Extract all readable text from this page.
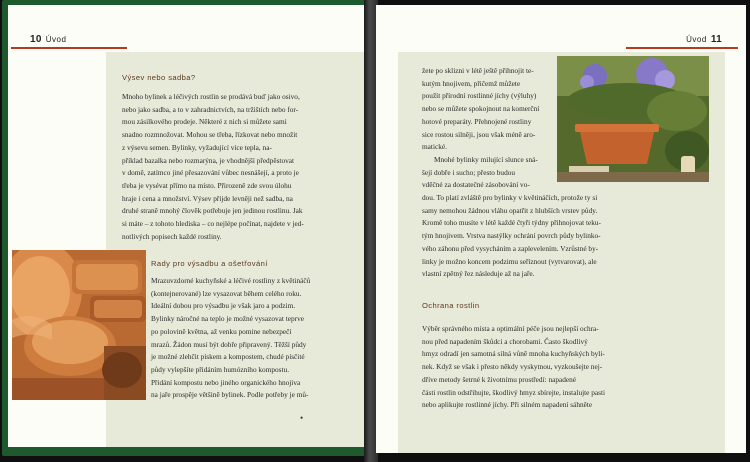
10 Úvod
Výsev nebo sadba?
Mnoho bylinek a léčivých rostlin se prodává buď jako osivo,
nebo jako sadba, a to v zahradnictvích, na tržištích nebo for-
mou zásilkového prodeje. Některé z nich si můžete sami
snadno rozmnožovat. Mohou se třeba, řízkovat nebo množit
z výsevu semen. Bylinky, vyžadující více tepla, na-
příklad bazalka nebo rozmarýna, je vhodnější předpěstovat
v domě, zatímco jiné přesazování vůbec nesnášejí, a proto je
třeba je vysévat přímo na místo. Přirozeně zde svou úlohu
hraje i cena a množství. Výsev přijde levněji než sadba, na
druhé straně mnohý člověk potřebuje jen jedinou rostlinu. Jak
si máte – z tohoto hlediska – co nejlépe počínat, najdete v jed-
notlivých popisech každé rostliny.
Rady pro výsadbu a ošetřování
Mrazuvzdorné kuchyňské a léčivé rostliny z květináčů
(kontejnerované) lze vysazovat během celého roku.
Ideální dobou pro výsadbu je však jaro a podzim.
Bylinky náročné na teplo je možné vysazovat teprve
po polovině května, až venku pomine nebezpečí
mrazů. Žádon musí být dobře připravený. Těžší půdy
je možné zlehčit pískem a kompostem, chudé písčité
půdy vylepšíte přidáním humózního kompostu.
Přidání kompostu nebo jiného organického hnojiva
na jaře prospěje většině bylinek. Podle potřeby je mů-
•
Úvod 11
žete po sklizni v létě ještě přihnojit te-
kutým hnojivem, přičemž můžete
použít přírodní rostlinné jíchy (výluhy)
nebo se můžete spokojnout na komerční
hotové preparáty. Přehnojené rostliny
sice rostou silněji, jsou však méně aro-
matické.
Mnohé bylinky milující slunce sná-
šejí dobře i sucho; přesto budou
vděčné za dostatečné zásobování vo-
dou. To platí zvláště pro bylinky v květináčích, protože ty si
samy nemohou žádnou vláhu opatřit z hlubších vrstev půdy.
Kromě toho musíte v létě každé čtyři týdny přihnojovat teku-
tým hnojivem. Vrstva nastýlky ochrání povrch půdy bylinko-
vého záhonu před vysycháním a zaplevelením. Vzrůstné by-
linky je možno koncem podzimu seříznout (vytvarovat), ale
vlastní zpětný řez následuje až na jaře.
Ochrana rostlin
Výběr správného místa a optimální péče jsou nejlepší ochra-
nou před napadením škůdci a chorobami. Často škodlivý
hmyz odradí jen samotná silná vůně mnoha kuchyňských byli-
nek. Když se však i přesto někdy vyskytnou, vyzkoušejte nej-
dříve metody šetrné k životnímu prostředí: napadené
části rostlin odstřihujte, škodlivý hmyz sbírejte, instalujte pasti
nebo aplikujte rostlinné jíchy. Při silném napadení sáhněte
